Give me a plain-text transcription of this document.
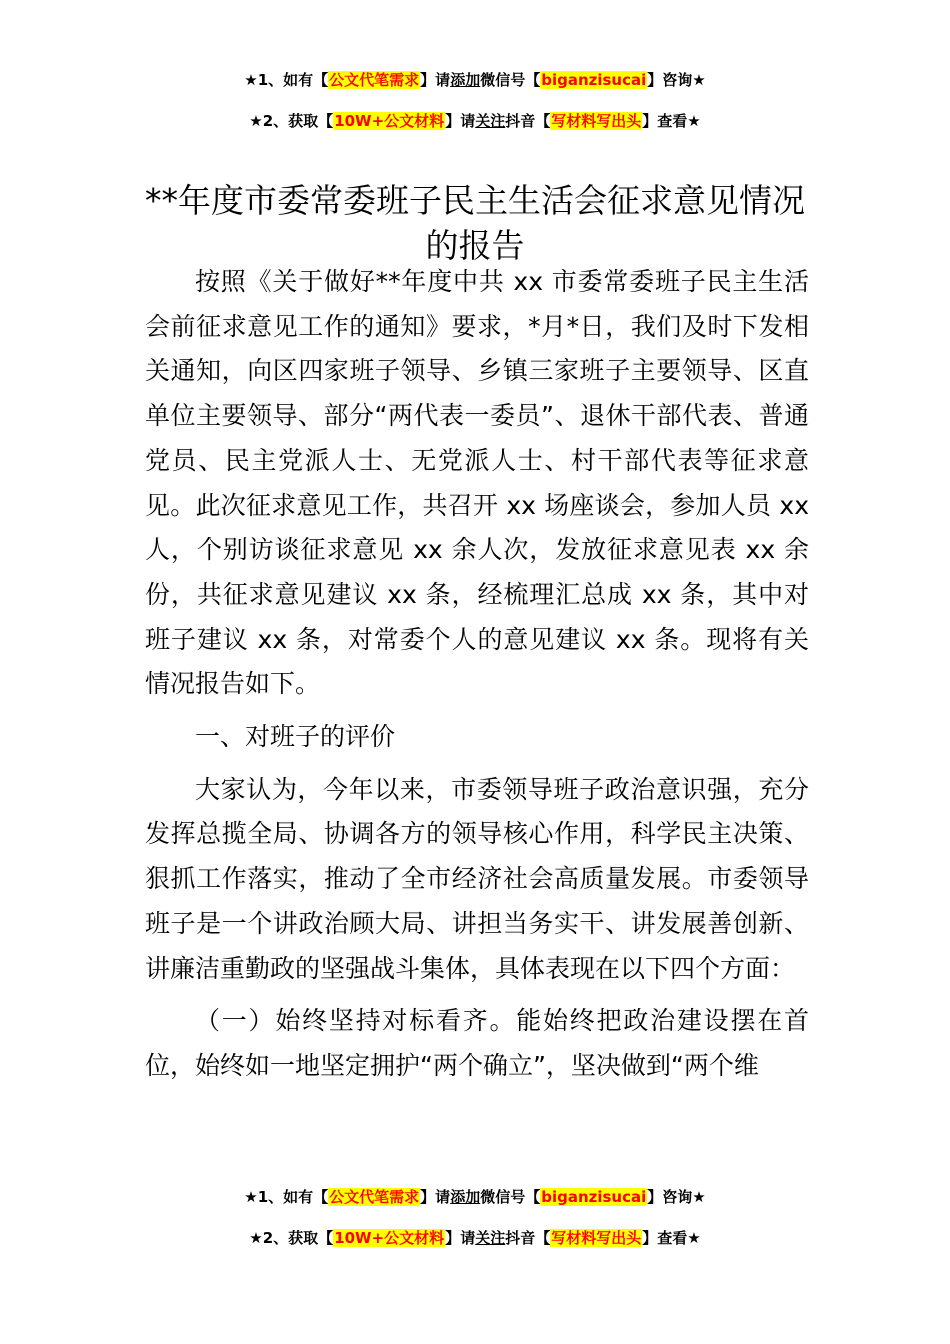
★1、如有【公文代笔需求】请添加微信号【biganzisucai】咨询★
★2、获取【10W+公文材料】请关注抖音【写材料写出头】查看★
**年度市委常委班子民主生活会征求意见情况的报告

按照《关于做好**年度中共 xx 市委常委班子民主生活会前征求意见工作的通知》要求，*月*日，我们及时下发相关通知，向区四家班子领导、乡镇三家班子主要领导、区直单位主要领导、部分“两代表一委员”、退休干部代表、普通党员、民主党派人士、无党派人士、村干部代表等征求意见。此次征求意见工作，共召开 xx 场座谈会，参加人员 xx 人，个别访谈征求意见 xx 余人次，发放征求意见表 xx 余份，共征求意见建议 xx 条，经梳理汇总成 xx 条，其中对班子建议 xx 条，对常委个人的意见建议 xx 条。现将有关情况报告如下。

一、对班子的评价

大家认为，今年以来，市委领导班子政治意识强，充分发挥总揽全局、协调各方的领导核心作用，科学民主决策、狠抓工作落实，推动了全市经济社会高质量发展。市委领导班子是一个讲政治顾大局、讲担当务实干、讲发展善创新、讲廉洁重勤政的坚强战斗集体，具体表现在以下四个方面：

（一）始终坚持对标看齐。能始终把政治建设摆在首位，始终如一地坚定拥护“两个确立”，坚决做到“两个维

★1、如有【公文代笔需求】请添加微信号【biganzisucai】咨询★
★2、获取【10W+公文材料】请关注抖音【写材料写出头】查看★
